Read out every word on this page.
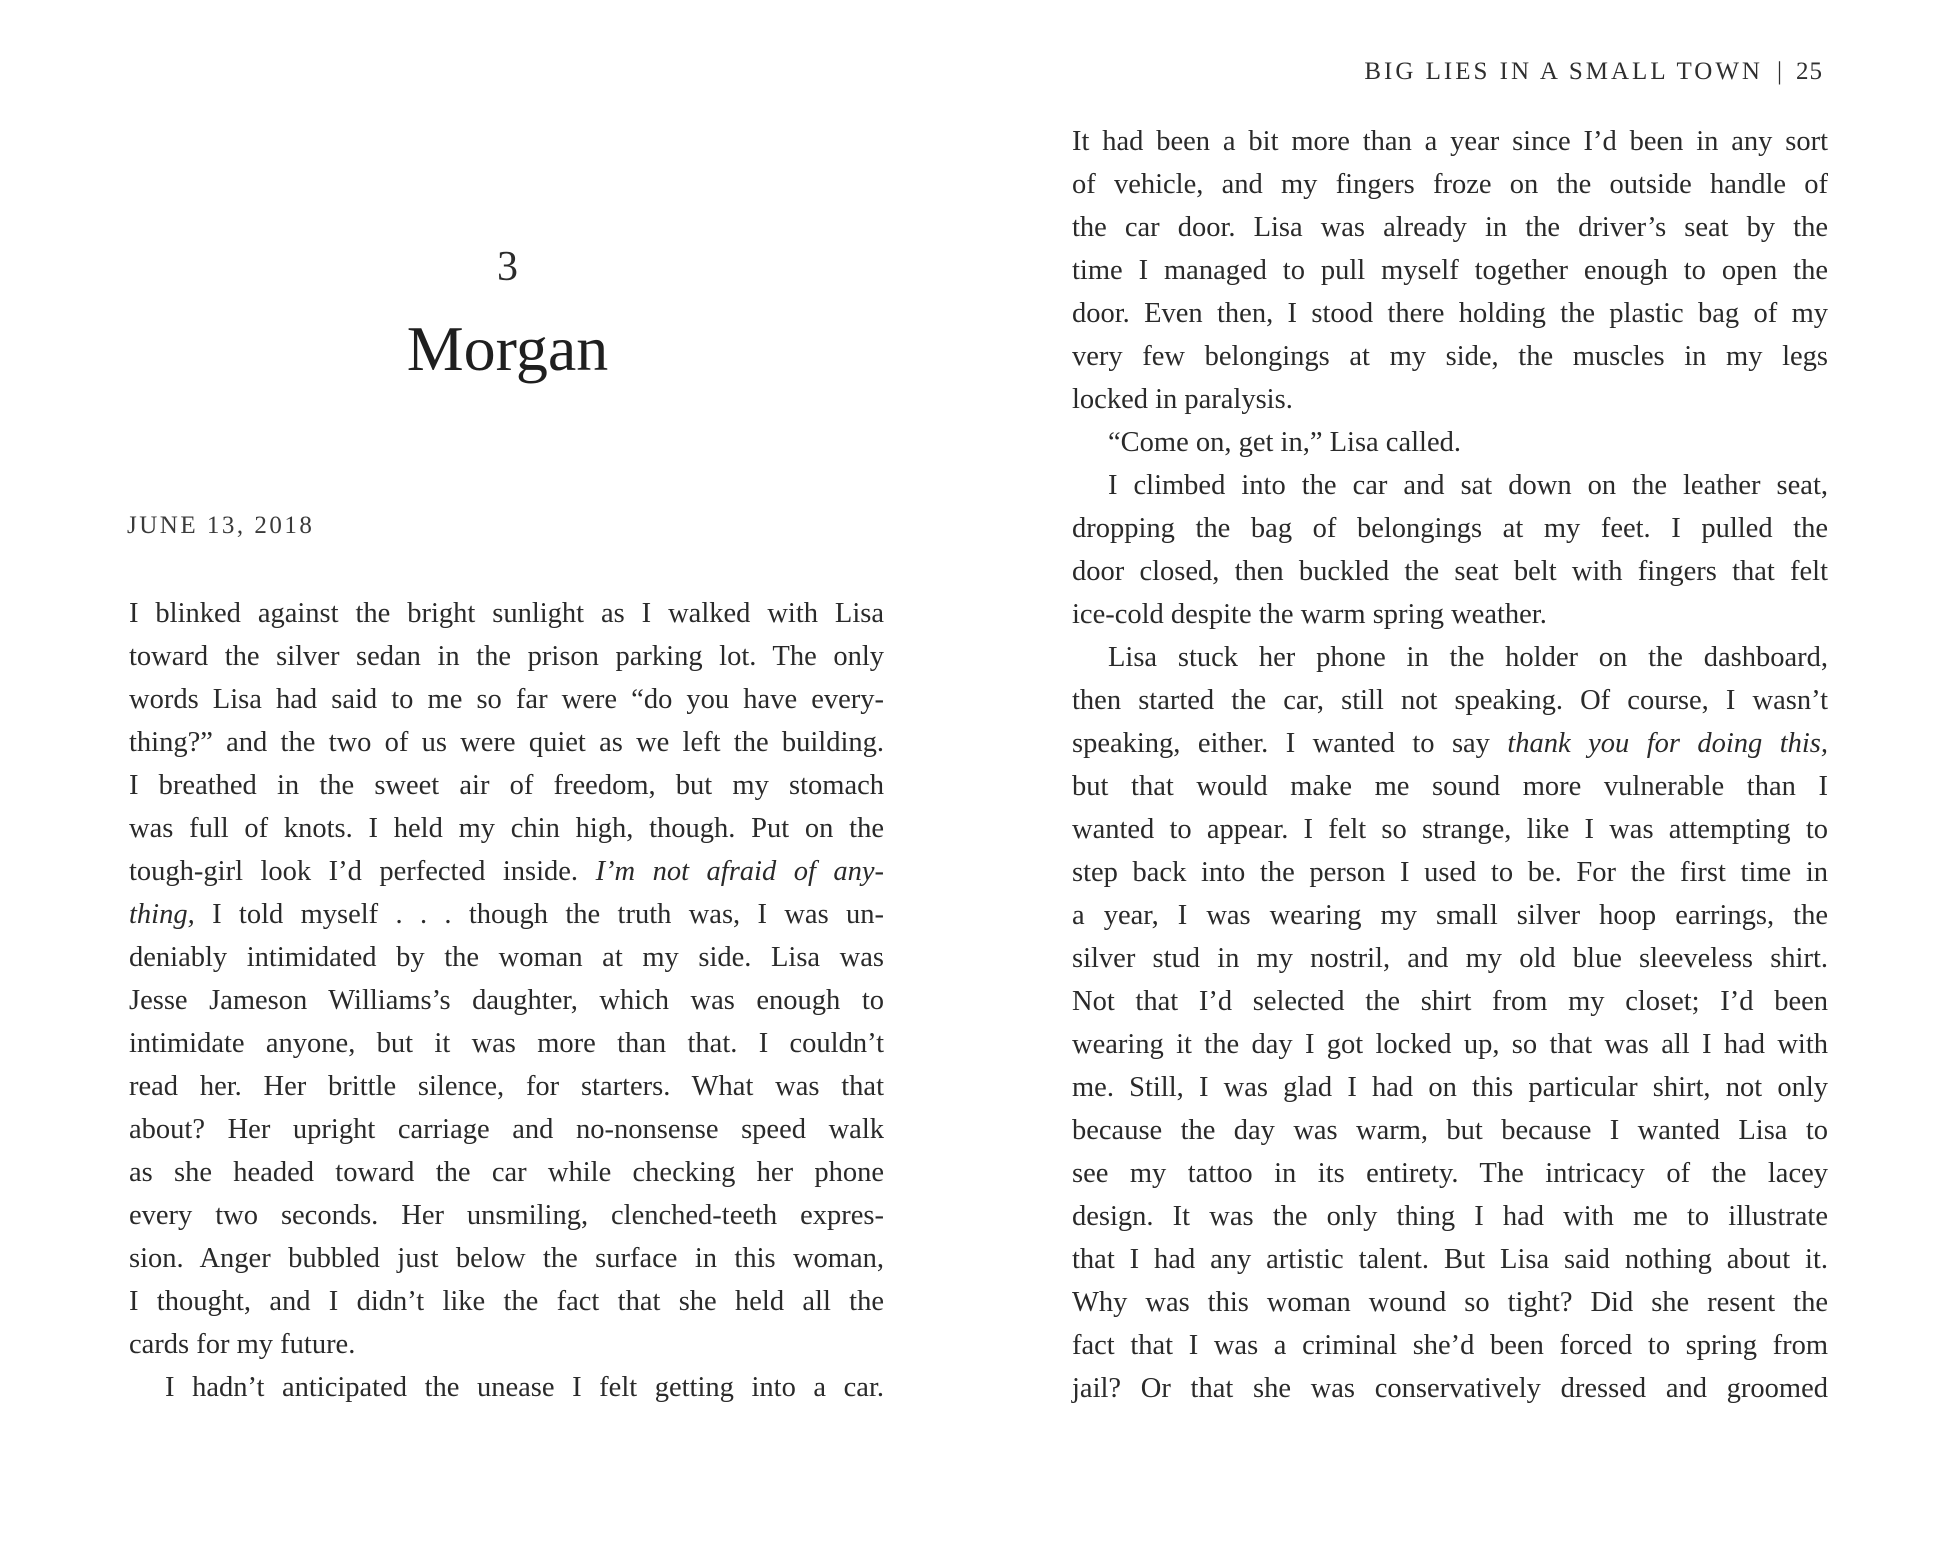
3
Morgan
JUNE 13, 2018

I blinked against the bright sunlight as I walked with Lisa
toward the silver sedan in the prison parking lot. The only
words Lisa had said to me so far were “do you have every-
thing?” and the two of us were quiet as we left the building.
I breathed in the sweet air of freedom, but my stomach
was full of knots. I held my chin high, though. Put on the
tough-girl look I’d perfected inside. I’m not afraid of any-
thing, I told myself . . . though the truth was, I was un-
deniably intimidated by the woman at my side. Lisa was
Jesse Jameson Williams’s daughter, which was enough to
intimidate anyone, but it was more than that. I couldn’t
read her. Her brittle silence, for starters. What was that
about? Her upright carriage and no-nonsense speed walk
as she headed toward the car while checking her phone
every two seconds. Her unsmiling, clenched-teeth expres-
sion. Anger bubbled just below the surface in this woman,
I thought, and I didn’t like the fact that she held all the
cards for my future.

I hadn’t anticipated the unease I felt getting into a car.

BIG LIES IN A SMALL TOWN | 25

It had been a bit more than a year since I’d been in any sort
of vehicle, and my fingers froze on the outside handle of
the car door. Lisa was already in the driver’s seat by the
time I managed to pull myself together enough to open the
door. Even then, I stood there holding the plastic bag of my
very few belongings at my side, the muscles in my legs
locked in paralysis.

“Come on, get in,” Lisa called.

I climbed into the car and sat down on the leather seat,
dropping the bag of belongings at my feet. I pulled the
door closed, then buckled the seat belt with fingers that felt
ice-cold despite the warm spring weather.

Lisa stuck her phone in the holder on the dashboard,
then started the car, still not speaking. Of course, I wasn’t
speaking, either. I wanted to say thank you for doing this,
but that would make me sound more vulnerable than I
wanted to appear. I felt so strange, like I was attempting to
step back into the person I used to be. For the first time in
a year, I was wearing my small silver hoop earrings, the
silver stud in my nostril, and my old blue sleeveless shirt.
Not that I’d selected the shirt from my closet; I’d been
wearing it the day I got locked up, so that was all I had with
me. Still, I was glad I had on this particular shirt, not only
because the day was warm, but because I wanted Lisa to
see my tattoo in its entirety. The intricacy of the lacey
design. It was the only thing I had with me to illustrate
that I had any artistic talent. But Lisa said nothing about it.
Why was this woman wound so tight? Did she resent the
fact that I was a criminal she’d been forced to spring from
jail? Or that she was conservatively dressed and groomed
